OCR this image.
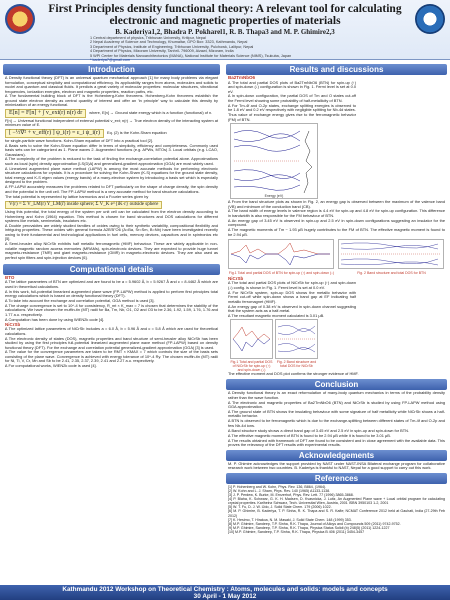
First Principles density functional theory: A relevant tool for calculating electronic and magnetic properties of materials
B. Kaderiya1,2, Bhadra P. Pokharel1, R. B. Thapa3 and M. P. Ghimire2,3
1 Central department of physics, Tribhuvan University, Kritipur, Nepal
2 Nepal Academy of Science and Technology, Khumaltar, GPO Box: 3323, Kathmandu, Nepal
3 Department of Physics, Institute of Engineering, Tribhuvan University, Pulchowk, Lalitpur, Nepal
4 Department of Physics, Mizoram University, Tanhril- 796009, Aizawl, Mizoram, India
5 WPI Center for Materials Nanoarchitectonics (MANA), National Institute for Materials Science (NIMS), Tsukuba, Japan
* kaderiya7@gmail.com
Introduction

∆ Density functional theory (DFT) is an universal quantum mechanical approach [1] for many body problems via elegant formulation, conceptual simplicity and computational efficiency. Its applicability ranges from atoms, molecules and solids to nuclei and quantum and classical fluids. It predicts a great variety of molecular properties: molecular structures, vibrational frequencies, ionization energies, electron and magnetic properties, reaction paths, etc.

∆ The fundamental building block of DFT is the Hohenberg-Kohn theorems. Hohenberg-Kohn theorems establish the ground state electron density as central quantity of interest and offer an 'in principle' way to calculate this density by minimization of an energy functional.

E[n] = F[n] + ∫ v_ext(r) n(r) dr	where, E[n] → Ground state energy which is a function (functional) of n.

F[n] → Universal functional independent of external potential v_ext; n(r) → True electron density of the interacting system at minimum value of E.

[ −½∇² + v_eff(r) ] ψ_i(r) = ε_i ψ_i(r)	Eq. (2) is the Kohn-Sham equation

for single-particle wave functions. Kohn-Sham equation of DFT into a practical tool [2].

∆ Basis sets to solve the Kohn-Sham equation differ in terms of simplicity, efficiency and completeness. Commonly used basis sets can be categorized as 1. Plane waves 2. Augmented functions (e.g. APWs, MTOs) 3. Local orbitals (e.g. LCAO, Gaussians).

∆ The complexity of the problem is reduced to the task of finding the exchange-correlation potential alone. Approximations such as local (spin) density approximation [LS(D)A] and generalized-gradient approximation (GGA) are most widely used.

∆ Linearized augmented plane wave method (LAPW) is among the most accurate methods for performing electronic structure calculations for crystals. It is a procedure for solving the Kohn-Sham (K-S) equations for the ground state density, total energy and K-S eigen values (energy bands) of a many-electron system by introducing a basis set which is especially designed to the problem.

∆ FP-LAPW accurately measures the problems related to DFT particularly on the shape of charge density, the spin density and the potential in the unit cell. The FP-LAPW method is a very accurate method for band structure calculations.

The total potential is represented by lattice harmonics and a Fourier series given by

V(r) = Σ V_LM(r) Y_LM(r̂) inside sphere; Σ V_K e^{iK·r} outside sphere

Using this potential, the total energy of the system per unit cell can be calculated from the electron density according to Hohenberg and Kohn (1964) equation. This method is chosen for band structures and DOS calculations for different systems like metals, semimetals, insulators etc.

∆ Double perovskites are widely studied families of oxides owing to their synthetic variability, compositional flexibility and intriguing properties. These oxides with general formula A2B'B''O6 (A=Ba, Sr=Sm, B=Nb) have been investigated recently owing to their fundamental and technological applications in fuel cells, memory devices, capacitors and in spintronics etc [5].

∆ Semi-heusler alloy NiCrSb exhibits half metallic ferromagnetic (HMF) behaviour. These are widely applicable in non-volatile magnetic random access memories (MRAMs), spin-electronic devices. They are expected to provide huge tunnel magneto-resistance (TMR) and giant magneto-resistance (GMR) in magneto-electronic devices. They are also used as perfect spin filters and spin-injection devices [6].

Computational details
BTO

∆ The lattice parameters of BTN are optimized and are found to be a = 5.9602 Å, b = 5.9267 Å and c = 8.4462 Å which are used in theoretical calculations.

∆ In this work, full-potential linearized augmented plane wave (FP-LAPW) method is applied to perform first principles total energy calculations which is based on density functional theory (DFT).

∆ To take into account the exchange and correlation potential, GGA method is used [3].

∆ The charge convergence is set to 10^-4 for consistency, R_mt × K_max = 7 is chosen that determines the stability of the calculations. We have chosen the muffin-tin (MT) radii for Ba, Tm, Nb, O1, O2 and O3 to be 2.36, 1.92, 1.59, 1.76, 1.76 and 1.77 a.u. respectively.

∆ Computation has been done by using WIEN2k code [4].

NiCrSb

∆ The optimized lattice parameters of NiCrSb includes a = 6.0 Å, b = 5.96 Å and c = 5.8 Å which are used for theoretical calculations.

∆ The electronic density of states (DOS), magnetic properties and band structure of semi-heusler alloy NiCrSb has been studied by using the first principles full-potential linearized augmented plane wave method (FP-LAPW) based on density functional theory (DFT). For the exchange and correlation potential generalized-gradient approximation (GGA) [3] is used.

∆ The value for the convergence parameters are taken to be RMT × KMAX = 7 which controls the size of the basis sets consisting of the plane wave. Convergence is achieved with energy tolerance of 10^-4 Ry. The chosen muffin-tin (MT) radii for Ni, Ti, V, Cr, Mn and Sb to be 2.41, 2.35, 2.37, 2.39, 2.41 and 2.27 a.u. respectively.

∆ For computational works, WIEN2k code is used [4].

Results and discussions
Ba2TmNbO6

∆ The total and partial DOS plots of Ba2TmNbO6 (BTN) for spin-up (↑) and spin-down (↓) configuration is shown in Fig. 1. Fermi level is set at 0.0 eV.

∆ In spin-down configuration, the partial DOS of Tm and O states cut-off the Fermi level showing some probability of half-metallicity of BTN.

∆ For Tm-4f and O-2p states, exchange splitting energies is observed to be 1.8 eV and 0.2 eV respectively with negligible splitting for Nb-4d states.

Thus value of exchange energy gives rise to the ferromagnetic behavior (FM) of BTN.

Energy (eV)

∆ From the band structure plots as shown in Fig. 2, an energy gap is observed between the maximum of the valence band (VB) and minimum of the conduction band (CB).

∆ The band width of energy levels in valence region is 4.4 eV for spin-up and 4.8 eV for spin-up configuration. This difference in bandwidth is also responsible for the FM behaviour of BTN.

∆ An energy gap of 3.45 eV is observed in spin-up and 2.5 eV in spin-down configurations suggesting an insulator for the compound.

∆ The magnetic moments of Tm ~ 1.93 μB hugely contributes to the FM of BTN. The effective magnetic moment is found to be 2.94 μB.

Fig.1 Total and partial DOS of BTN for spin-up (↑) and spin-down (↓)	Fig. 2 Band structure and total DOS for BTN
NiCrSb

∆ The total and partial DOS plots of NiCrSb for spin-up (↑) and spin-down (↓) config. is shown in Fig. 1. Fermi level is set at 0.0 eV.

∆ For NiCrSb system, spin-up DOS shows the metallic behavior with Fermi cut-off while spin-down shows a band gap at EF indicating half metallic ferromagnet (HMF).

∆ An energy gap of 0.38 eV is observed in spin-down channel suggesting that the system acts as a half-metal.

∆ The resultant magnetic moment calculated is 3.01 μB.

Fig.1 Total and partial DOS of NiCrSb for spin-up (↑) and spin-down (↓)
Fig. 2 Band structure and total DOS for NiCrSb

The effective moment and DOS plot confirms the stronger evidence of HMF.

Conclusion

∆ Density functional theory is an exact reformulation of many-body quantum mechanics in terms of the probability density rather than the wave function.

∆ The electronic and magnetic properties of Ba2TmNbO6 (BTN) and NiCrSb is studied by using FP-LAPW method using GGA approximation.

∆ The ground state of BTN shows the insulating behaviour with some signature of half metallicity while NiCrSb shows a half-metallic behavior.

∆ BTN is observed to be ferromagnetic which is due to the exchange-splitting between different states of Tm-4f and O-2p and few Nb-4d ions.

∆ Band structure study shows a direct band gap of 3.45 eV and 2.5 eV in spin-up and spin-down for BTN.

∆ The effective magnetic moment of BTN is found to be 2.94 μB while it is found to be 3.01 μB.

∆ The results obtained with framework of DFT are found to be consistent and in close agreement with the available data. This proves the relevancy of the DFT results with experimental results.

Acknowledgements
M. P. Ghimire acknowledges the support provided by NAST under NAST-INSA Bilateral exchange program for collaborative research work between two countries. B. Kaderiya is thankful to NAST, Nepal for a good support to carry out this work.
References
[1] P. Hohenberg and W. Kohn, Phys. Rev. 136, B864, (1964).
[2] W. Kohn and L. J. Sham, Phys. Rev. 140 (1965) A1133-1138.
[3] J. P. Perdew, K. Burke, M. Ernzerhof, Phys. Rev. Lett. 77 (1996) 3865-3868.
[4] P. Blaha, K. Schwarz, G. K. H. Madsen, D. Kvasnicka, J. Luitz, An Augmented Plane wave + Local orbital program for calculating crystal properties. Karlheinz Schwarz, Tech. Universitat Wien, Austria, 2001 ISBN 3950103 1-2, 2001
[5] W. T. Fu, D. J. W. IJdo, J. Solid State Chem. 179 (2006) 1022.
[6] M. P. Ghimire, B. Kaderiya, T. P. Sinha, R. K. Thapa and S. R. Kafle; NCMAT Conference 2012 held at Gauhati, India (27-29th Feb 2012)
[7] K. Hesimo, T. Hirakoa, N. M. Masaki, J. Solid State Chem. 148 (1999) 353.
[8] M.P. Ghimire, Sandeep, T.P. Sinha, R.K. Thapa, Journal of Alloys and Compounds 509 (2011) 9742-9752.
[9] M.P. Ghimire, Sandeep, T.P. Sinha, R.K. Thapa, Physica Status Solidi (b) 248(5) (2011) 1224-1227
[10] M.P. Ghimire, Sandeep, T.P. Sinha, R.K. Thapa, Physica B 406 (2011) 3454-3457
Kathmandu 2012 Workshop on Theoretical Chemistry : Atoms, molecules and solids: models and concepts
30 April - 1 May 2012
